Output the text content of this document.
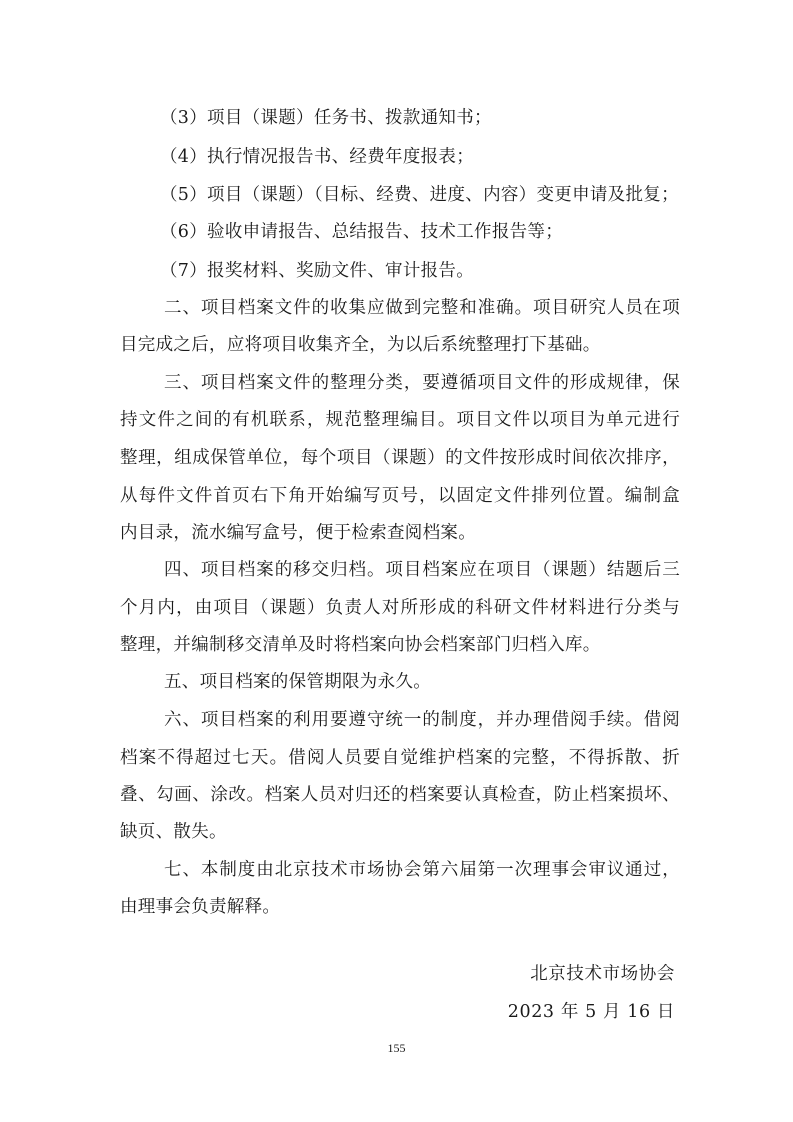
（3）项目（课题）任务书、拨款通知书；
（4）执行情况报告书、经费年度报表；
（5）项目（课题）（目标、经费、进度、内容）变更申请及批复；
（6）验收申请报告、总结报告、技术工作报告等；
（7）报奖材料、奖励文件、审计报告。
二、项目档案文件的收集应做到完整和准确。项目研究人员在项
目完成之后，应将项目收集齐全，为以后系统整理打下基础。
三、项目档案文件的整理分类，要遵循项目文件的形成规律，保
持文件之间的有机联系，规范整理编目。项目文件以项目为单元进行
整理，组成保管单位，每个项目（课题）的文件按形成时间依次排序，
从每件文件首页右下角开始编写页号，以固定文件排列位置。编制盒
内目录，流水编写盒号，便于检索查阅档案。
四、项目档案的移交归档。项目档案应在项目（课题）结题后三
个月内，由项目（课题）负责人对所形成的科研文件材料进行分类与
整理，并编制移交清单及时将档案向协会档案部门归档入库。
五、项目档案的保管期限为永久。
六、项目档案的利用要遵守统一的制度，并办理借阅手续。借阅
档案不得超过七天。借阅人员要自觉维护档案的完整，不得拆散、折
叠、勾画、涂改。档案人员对归还的档案要认真检查，防止档案损坏、
缺页、散失。
七、本制度由北京技术市场协会第六届第一次理事会审议通过，
由理事会负责解释。
北京技术市场协会
2023 年 5 月 16 日
155
